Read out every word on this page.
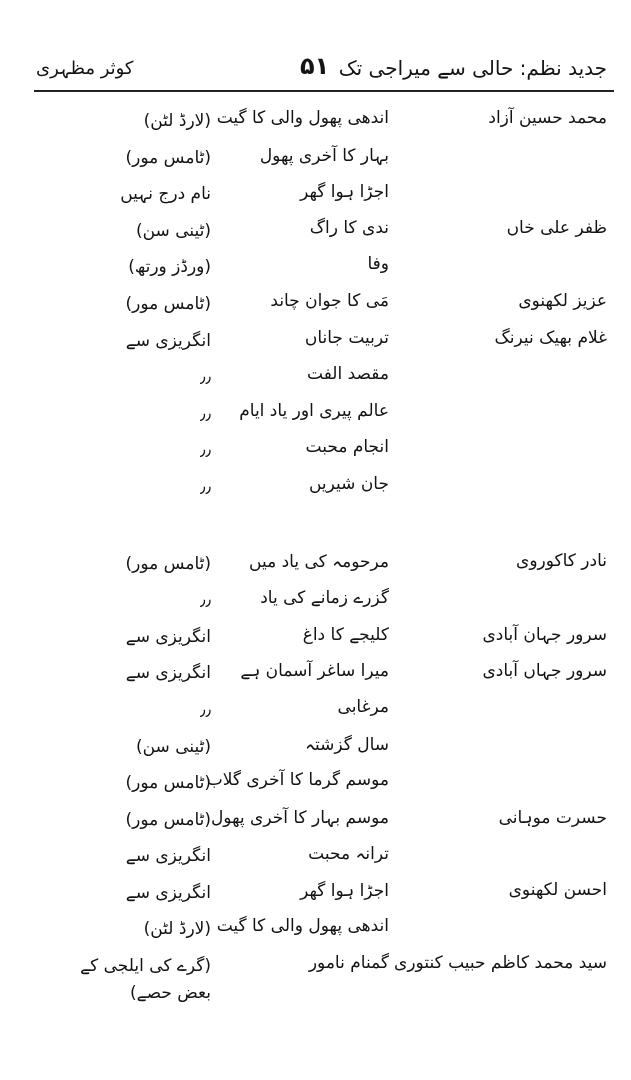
جدید نظم: حالی سے میراجی تک
۵۱
کوثر مظہری
محمد حسین آزاد
اندھی پھول والی کا گیت
(لارڈ لٹن)
بہار کا آخری پھول
(ٹامس مور)
اجڑا ہوا گھر
نام درج نہیں
ظفر علی خاں
ندی کا راگ
(ٹینی سن)
وفا
(ورڈز ورتھ)
عزیز لکھنوی
مَی کا جوان چاند
(ٹامس مور)
غلام بھیک نیرنگ
تربیت جاناں
انگریزی سے
مقصد الفت
٫٫
عالم پیری اور یاد ایام
٫٫
انجام محبت
٫٫
جان شیریں
٫٫
نادر کاکوروی
مرحومہ کی یاد میں
(ٹامس مور)
گزرے زمانے کی یاد
٫٫
سرور جہان آبادی
کلیجے کا داغ
انگریزی سے
سرور جہاں آبادی
میرا ساغر آسمان ہے
انگریزی سے
مرغابی
٫٫
سال گزشتہ
(ٹینی سن)
موسم گرما کا آخری گلاب
(ٹامس مور)
حسرت موہانی
موسم بہار کا آخری پھول
(ٹامس مور)
ترانہ محبت
انگریزی سے
احسن لکھنوی
اجڑا ہوا گھر
انگریزی سے
اندھی پھول والی کا گیت
(لارڈ لٹن)
سید محمد کاظم حبیب کنتوری
گمنام نامور
(گرے کی ایلجی کے بعض حصے)
